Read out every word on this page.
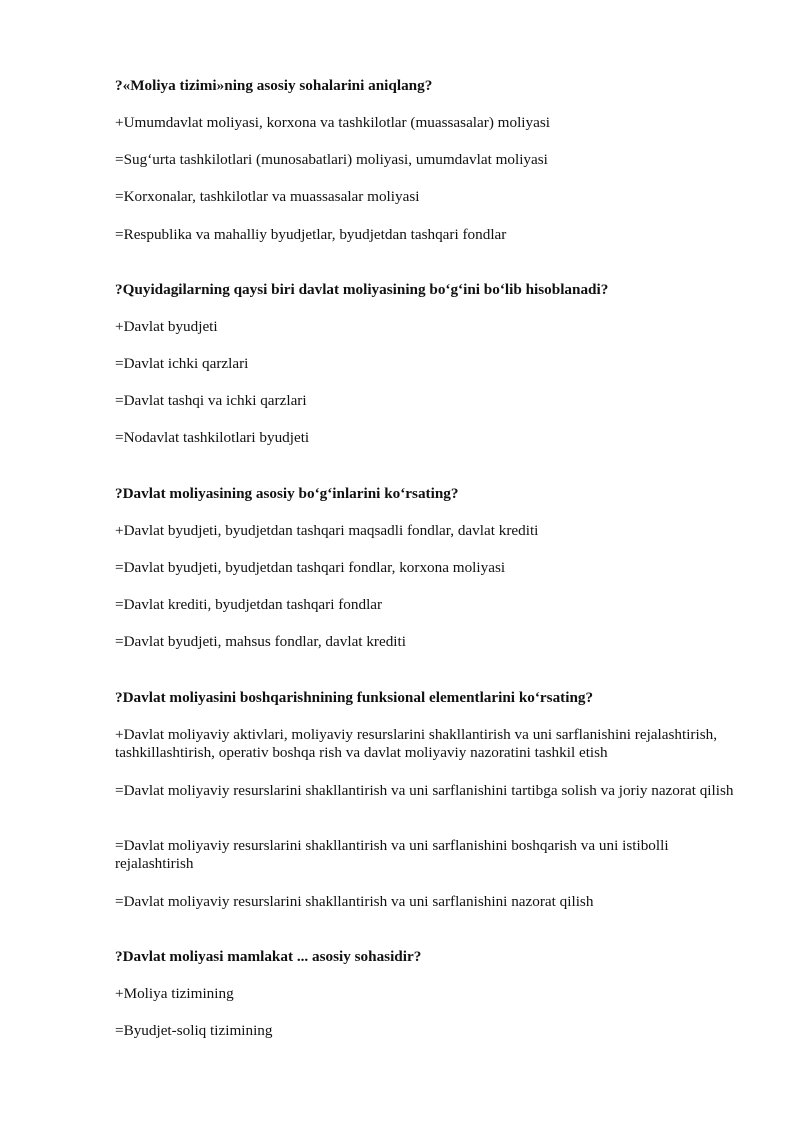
?«Moliya tizimi»ning asosiy sohalarini aniqlang?
+Umumdavlat moliyasi, korxona va tashkilotlar (muassasalar) moliyasi
=Sug‘urta tashkilotlari (munosabatlari) moliyasi, umumdavlat moliyasi
=Korxonalar, tashkilotlar va muassasalar moliyasi
=Respublika va mahalliy byudjetlar, byudjetdan tashqari fondlar
?Quyidagilarning qaysi biri davlat moliyasining bo‘g‘ini bo‘lib hisoblanadi?
+Davlat byudjeti
=Davlat ichki qarzlari
=Davlat tashqi va ichki qarzlari
=Nodavlat tashkilotlari byudjeti
?Davlat moliyasining asosiy bo‘g‘inlarini ko‘rsating?
+Davlat byudjeti, byudjetdan tashqari maqsadli fondlar, davlat krediti
=Davlat byudjeti, byudjetdan tashqari fondlar, korxona moliyasi
=Davlat krediti, byudjetdan tashqari fondlar
=Davlat byudjeti, mahsus fondlar, davlat krediti
?Davlat moliyasini boshqarishnining funksional elementlarini ko‘rsating?
+Davlat moliyaviy aktivlari, moliyaviy resurslarini shakllantirish va uni sarflanishini rejalashtirish, tashkillashtirish, operativ boshqa rish va davlat moliyaviy nazoratini tashkil etish
=Davlat moliyaviy resurslarini shakllantirish va uni sarflanishini tartibga solish va joriy nazorat qilish
=Davlat moliyaviy resurslarini shakllantirish va uni sarflanishini boshqarish va uni istibolli rejalashtirish
=Davlat moliyaviy resurslarini shakllantirish va uni sarflanishini nazorat qilish
?Davlat moliyasi mamlakat ... asosiy sohasidir?
+Moliya tizimining
=Byudjet-soliq tizimining
